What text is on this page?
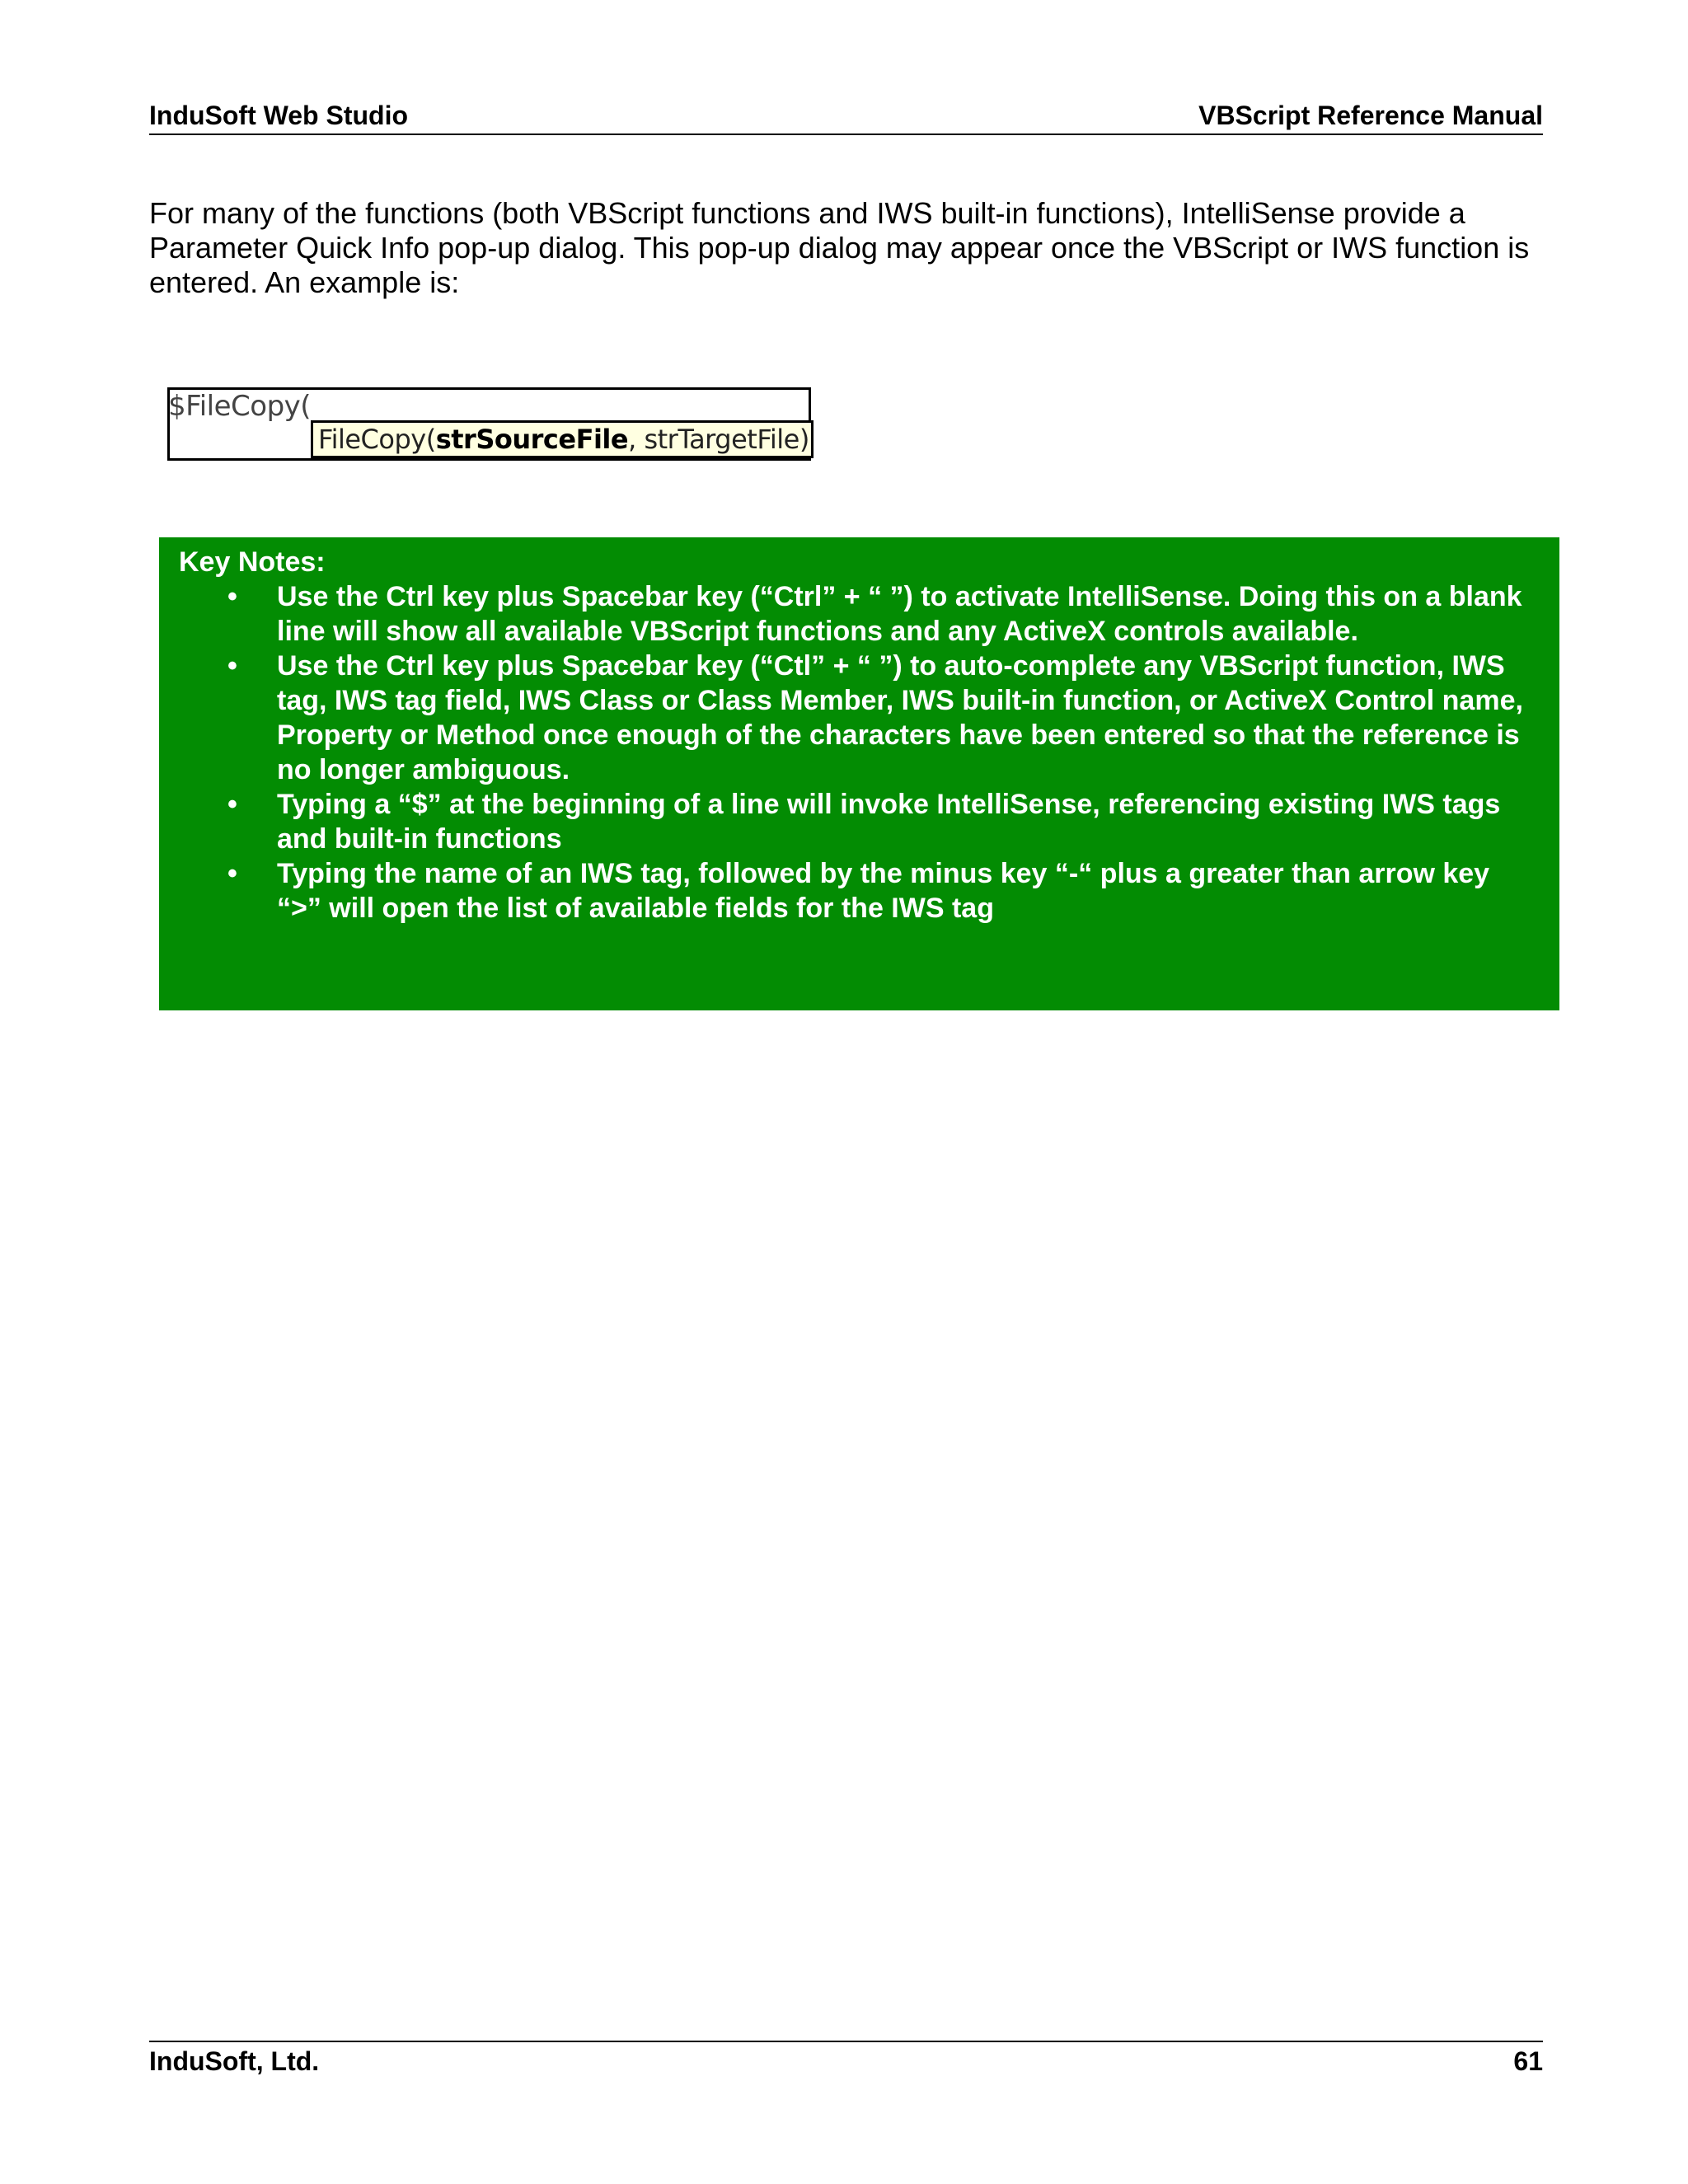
InduSoft Web Studio	VBScript Reference Manual

For many of the functions (both VBScript functions and IWS built-in functions), IntelliSense provide a Parameter Quick Info pop-up dialog. This pop-up dialog may appear once the VBScript or IWS function is entered. An example is:

$FileCopy(
FileCopy(strSourceFile, strTargetFile)
Key Notes:
• Use the Ctrl key plus Spacebar key (“Ctrl” + “ ”) to activate IntelliSense. Doing this on a blank line will show all available VBScript functions and any ActiveX controls available.
• Use the Ctrl key plus Spacebar key (“Ctl” + “ ”) to auto-complete any VBScript function, IWS tag, IWS tag field, IWS Class or Class Member, IWS built-in function, or ActiveX Control name, Property or Method once enough of the characters have been entered so that the reference is no longer ambiguous.
• Typing a “$” at the beginning of a line will invoke IntelliSense, referencing existing IWS tags and built-in functions
• Typing the name of an IWS tag, followed by the minus key “-“ plus a greater than arrow key “>” will open the list of available fields for the IWS tag
InduSoft, Ltd.	61
